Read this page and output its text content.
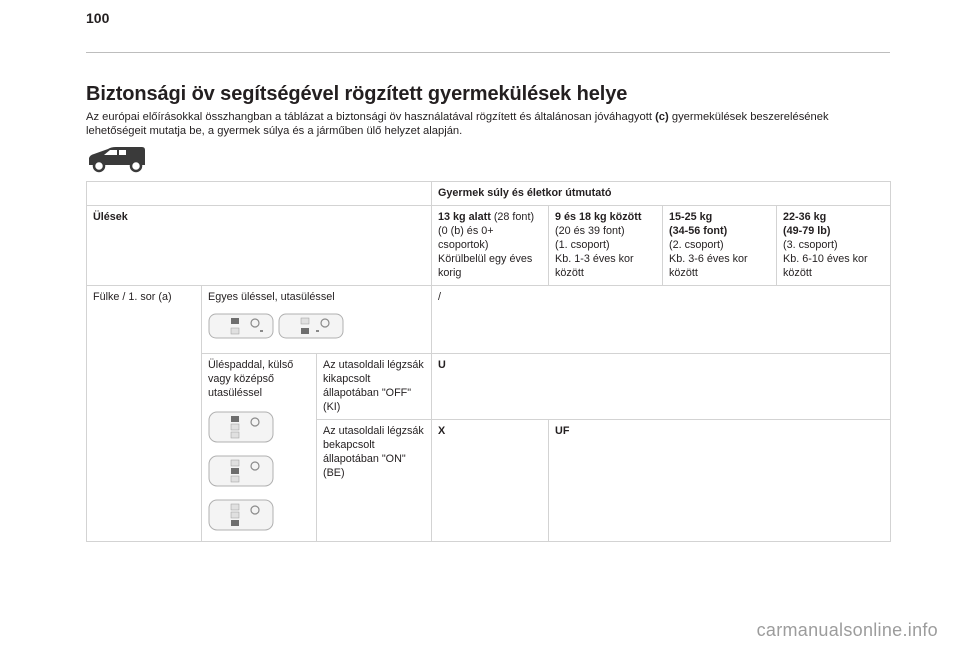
100
Biztonsági öv segítségével rögzített gyermekülések helye

Az európai előírásokkal összhangban a táblázat a biztonsági öv használatával rögzített és általánosan jóváhagyott (c) gyermekülések beszerelésének lehetőségeit mutatja be, a gyermek súlya és a járműben ülő helyzet alapján.

			Gyermek súly és életkor útmutató			
Ülések			13 kg alatt (28 font)
(0 (b) és 0+ csoportok)
Körülbelül egy éves korig	9 és 18 kg között
(20 és 39 font)
(1. csoport)
Kb. 1-3 éves kor között	15-25 kg
(34-56 font)
(2. csoport)
Kb. 3-6 éves kor között	22-36 kg
(49-79 lb)
(3. csoport)
Kb. 6-10 éves kor között

Fülke / 1. sor (a)	Egyes üléssel, utasüléssel		/			

	Üléspaddal, külső vagy középső utasüléssel	Az utasoldali légzsák kikapcsolt állapotában "OFF" (KI)	U			
		Az utasoldali légzsák bekapcsolt állapotában "ON" (BE)	X	UF		
carmanualsonline.info
